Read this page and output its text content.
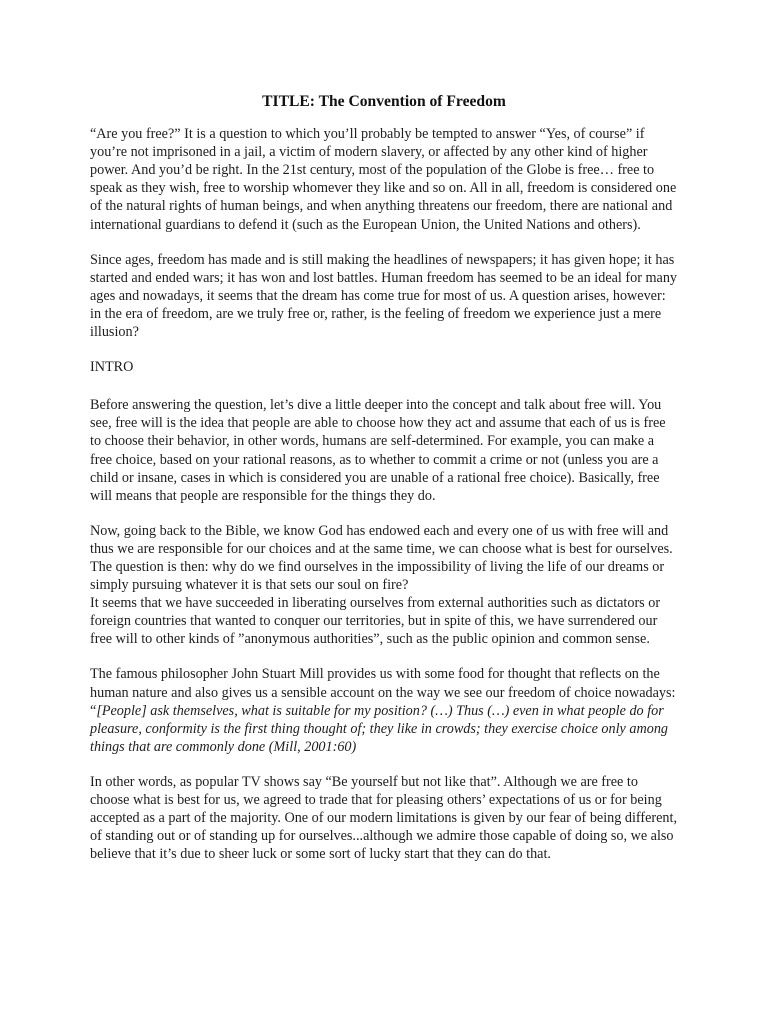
TITLE: The Convention of Freedom

“Are you free?” It is a question to which you’ll probably be tempted to answer “Yes, of course” if you’re not imprisoned in a jail, a victim of modern slavery, or affected by any other kind of higher power. And you’d be right. In the 21st century, most of the population of the Globe is free… free to speak as they wish, free to worship whomever they like and so on. All in all, freedom is considered one of the natural rights of human beings, and when anything threatens our freedom, there are national and international guardians to defend it (such as the European Union, the United Nations and others).

Since ages, freedom has made and is still making the headlines of newspapers; it has given hope; it has started and ended wars; it has won and lost battles. Human freedom has seemed to be an ideal for many ages and nowadays, it seems that the dream has come true for most of us. A question arises, however: in the era of freedom, are we truly free or, rather, is the feeling of freedom we experience just a mere illusion?

INTRO

Before answering the question, let’s dive a little deeper into the concept and talk about free will. You see, free will is the idea that people are able to choose how they act and assume that each of us is free to choose their behavior, in other words, humans are self-determined. For example, you can make a free choice, based on your rational reasons, as to whether to commit a crime or not (unless you are a child or insane, cases in which is considered you are unable of a rational free choice). Basically, free will means that people are responsible for the things they do.

Now, going back to the Bible, we know God has endowed each and every one of us with free will and thus we are responsible for our choices and at the same time, we can choose what is best for ourselves. The question is then: why do we find ourselves in the impossibility of living the life of our dreams or simply pursuing whatever it is that sets our soul on fire?

It seems that we have succeeded in liberating ourselves from external authorities such as dictators or foreign countries that wanted to conquer our territories, but in spite of this, we have surrendered our free will to other kinds of ”anonymous authorities”, such as the public opinion and common sense.

The famous philosopher John Stuart Mill provides us with some food for thought that reflects on the human nature and also gives us a sensible account on the way we see our freedom of choice nowadays: “[People] ask themselves, what is suitable for my position? (…) Thus (…) even in what people do for pleasure, conformity is the first thing thought of; they like in crowds; they exercise choice only among things that are commonly done (Mill, 2001:60)

In other words, as popular TV shows say “Be yourself but not like that”. Although we are free to choose what is best for us, we agreed to trade that for pleasing others’ expectations of us or for being accepted as a part of the majority. One of our modern limitations is given by our fear of being different, of standing out or of standing up for ourselves...although we admire those capable of doing so, we also believe that it’s due to sheer luck or some sort of lucky start that they can do that.
